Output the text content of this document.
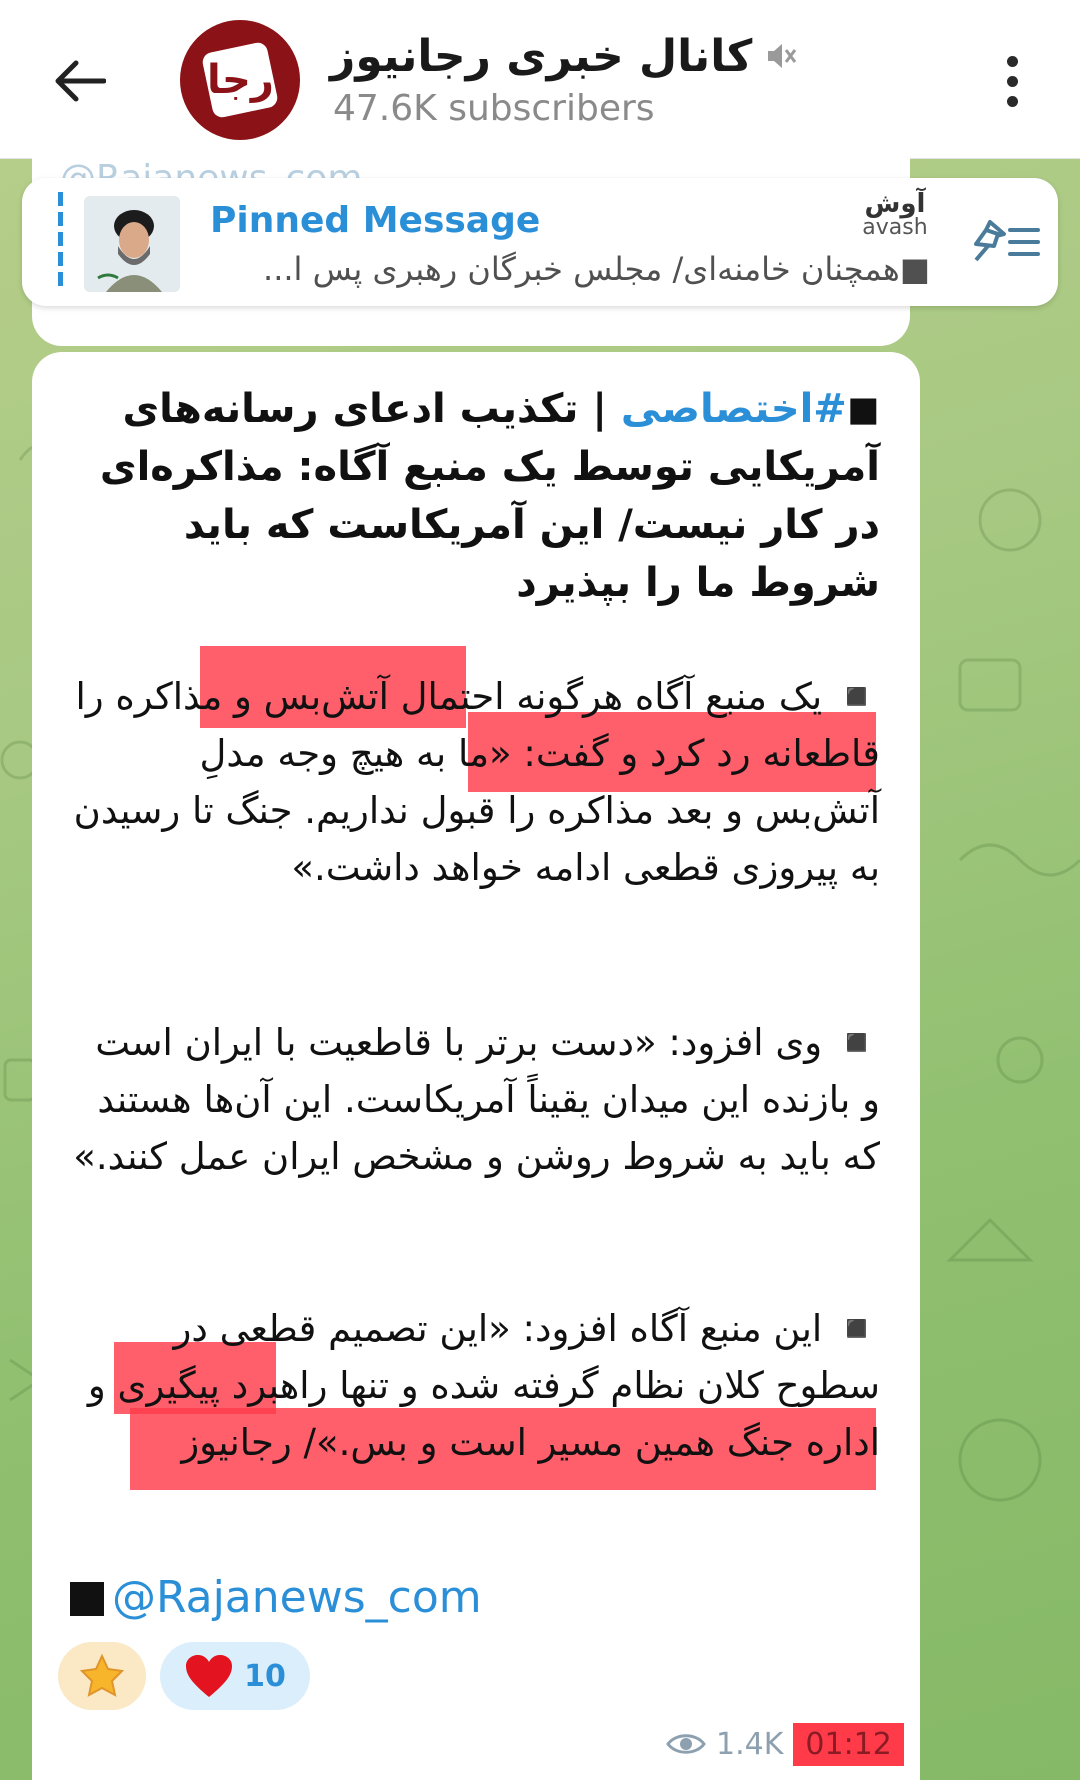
رجا کانال خبری رجانیوز
47.6K subscribers
Pinned Message
■همچنان خامنه‌ای/ مجلس خبرگان رهبری پس ا...
آوش
avash
◼#اختصاصی | تکذیب ادعای رسانه‌های آمریکایی توسط یک منبع آگاه: مذاکره‌ای در کار نیست/ این آمریکاست که باید شروط ما را بپذیرد
◾️ یک منبع آگاه هرگونه احتمال آتش‌بس و مذاکره را قاطعانه رد کرد و گفت: «ما به هیچ وجه مدلِ آتش‌بس و بعد مذاکره را قبول نداریم. جنگ تا رسیدن به پیروزی قطعی ادامه خواهد داشت.»
◾️ وی افزود: «دست برتر با قاطعیت با ایران است و بازنده این میدان یقیناً آمریکاست. این آن‌ها هستند که باید به شروط روشن و مشخص ایران عمل کنند.»
◾️ این منبع آگاه افزود: «این تصمیم قطعی در سطوح کلان نظام گرفته شده و تنها راهبرد پیگیری و اداره جنگ همین مسیر است و بس.»/ رجانیوز
@Rajanews_com
10
1.4K 01:12
